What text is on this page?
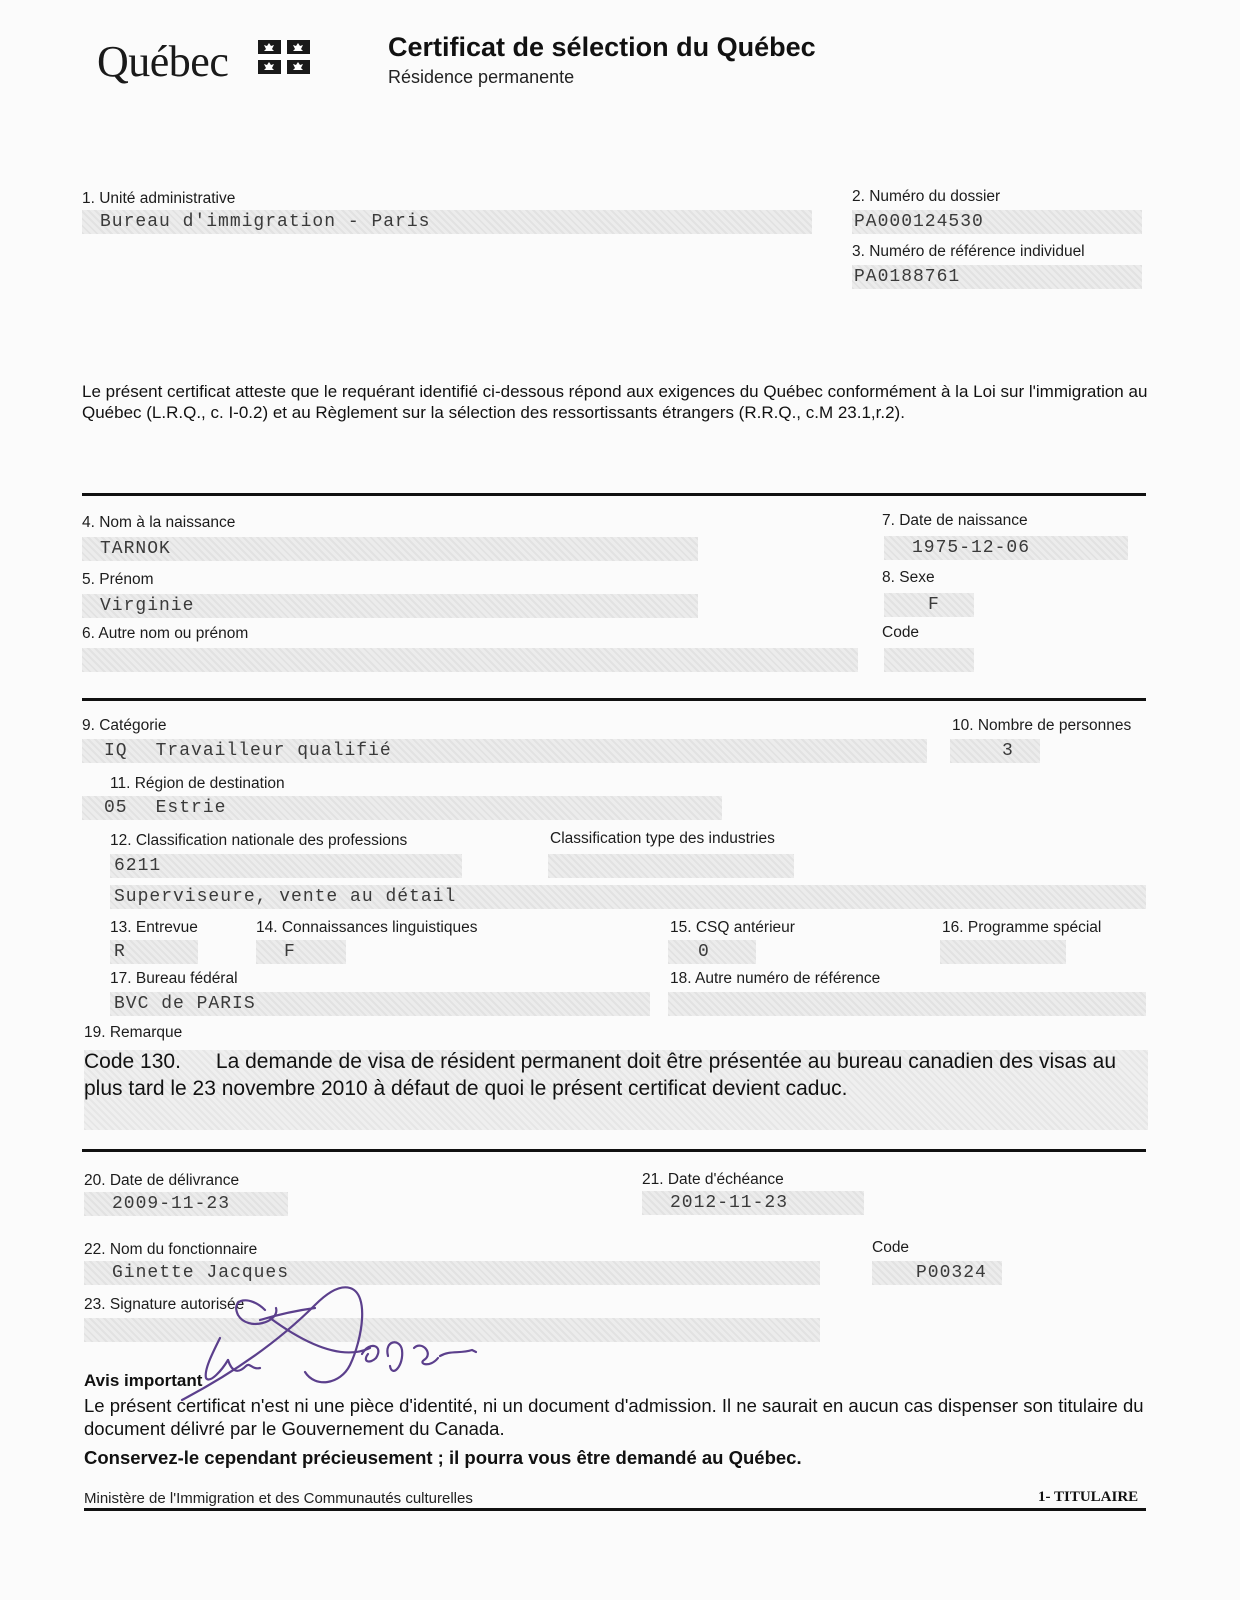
Québec	Certificat de sélection du Québec
Résidence permanente
1. Unité administrative
Bureau d'immigration - Paris
2. Numéro du dossier
PA000124530
3. Numéro de référence individuel
PA0188761
Le présent certificat atteste que le requérant identifié ci-dessous répond aux exigences du Québec conformément à la Loi sur l'immigration au Québec (L.R.Q., c. I-0.2) et au Règlement sur la sélection des ressortissants étrangers (R.R.Q., c.M 23.1,r.2).
4. Nom à la naissance
TARNOK
5. Prénom
Virginie
6. Autre nom ou prénom
7. Date de naissance
1975-12-06
8. Sexe
F
Code
9. Catégorie
IQ Travailleur qualifié
10. Nombre de personnes
3
11. Région de destination
05 Estrie
12. Classification nationale des professions
6211
Superviseure, vente au détail
Classification type des industries
13. Entrevue
R
14. Connaissances linguistiques
F
15. CSQ antérieur
0
16. Programme spécial
17. Bureau fédéral
BVC de PARIS
18. Autre numéro de référence
19. Remarque
Code 130.      La demande de visa de résident permanent doit être présentée au bureau canadien des visas au plus tard le 23 novembre 2010 à défaut de quoi le présent certificat devient caduc.
20. Date de délivrance
2009-11-23
21. Date d'échéance
2012-11-23
22. Nom du fonctionnaire
Ginette Jacques
Code
P00324
23. Signature autorisée
Avis important
Le présent certificat n'est ni une pièce d'identité, ni un document d'admission. Il ne saurait en aucun cas dispenser son titulaire du document délivré par le Gouvernement du Canada.
Conservez-le cependant précieusement ; il pourra vous être demandé au Québec.
Ministère de l'Immigration et des Communautés culturelles	1- TITULAIRE
